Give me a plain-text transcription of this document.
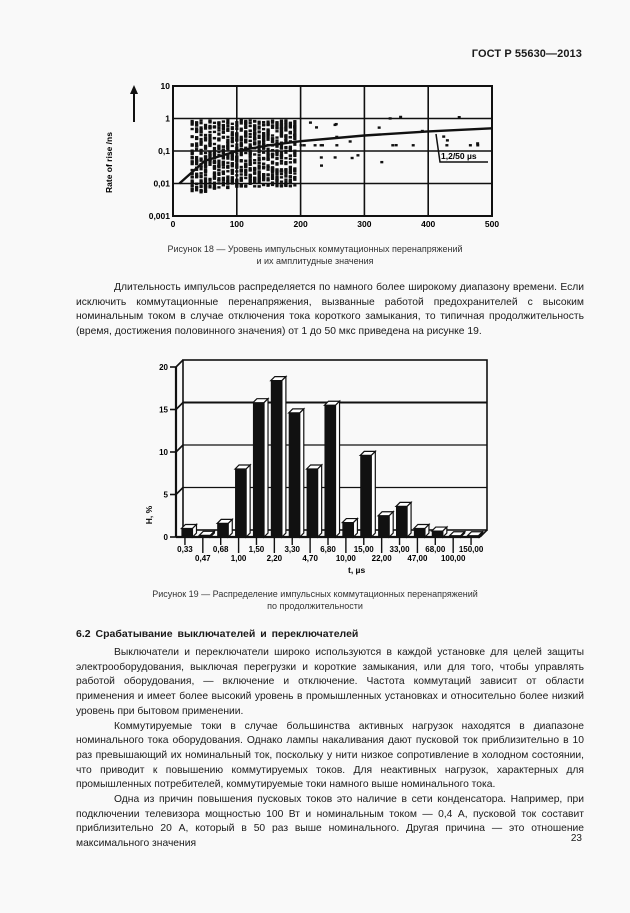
ГОСТ Р 55630—2013
Rate of rise /ns
10
1
0,1
0,01
0,001
0	100	200	300	400	500
1,2/50 µs
Рисунок 18 — Уровень импульсных коммутационных перенапряжений
и их амплитудные значения

Длительность импульсов распределяется по намного более широкому диапазону времени. Если исключить коммутационные перенапряжения, вызванные работой предохранителей с высоким номинальным током в случае отключения тока короткого замыкания, то типичная продолжительность (время, достижения половинного значения) от 1 до 50 мкс приведена на рисунке 19.

H, %
0
5
10
15
20
0,33
0,47
0,68
1,00
1,50
2,20
3,30
4,70
6,80
10,00
15,00
22,00
33,00
47,00
68,00
100,00
150,00
t, µs
Рисунок 19 — Распределение импульсных коммутационных перенапряжений
по продолжительности
6.2 Срабатывание выключателей и переключателей

Выключатели и переключатели широко используются в каждой установке для целей защиты электрооборудования, выключая перегрузки и короткие замыкания, или для того, чтобы управлять работой оборудования, — включение и отключение. Частота коммутаций зависит от области применения и имеет более высокий уровень в промышленных установках и относительно более низкий уровень при бытовом применении.

Коммутируемые токи в случае большинства активных нагрузок находятся в диапазоне номинального тока оборудования. Однако лампы накаливания дают пусковой ток приблизительно в 10 раз превышающий их номинальный ток, поскольку у нити низкое сопротивление в холодном состоянии, что приводит к повышению коммутируемых токов. Для неактивных нагрузок, характерных для промышленных потребителей, коммутируемые токи намного выше номинального тока.

Одна из причин повышения пусковых токов это наличие в сети конденсатора. Например, при подключении телевизора мощностью 100 Вт и номинальным током — 0,4 А, пусковой ток составит приблизительно 20 А, который в 50 раз выше номинального. Другая причина — это отношение максимального значения	23
